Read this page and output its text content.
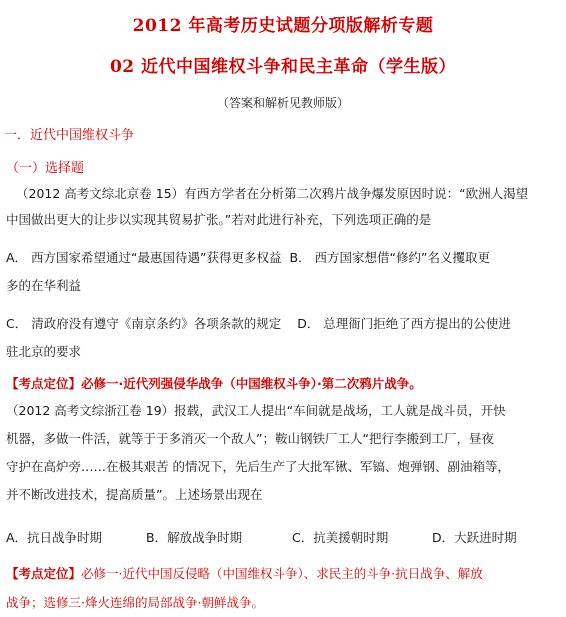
2012 年高考历史试题分项版解析专题
02 近代中国维权斗争和民主革命（学生版）
（答案和解析见教师版）
一．近代中国维权斗争
（一）选择题
（2012 高考文综北京卷 15）有西方学者在分析第二次鸦片战争爆发原因时说：“欧洲人渴望
中国做出更大的让步以实现其贸易扩张。”若对此进行补充，下列选项正确的是
A． 西方国家希望通过“最惠国待遇”获得更多权益 B． 西方国家想借“修约”名义攫取更
多的在华利益
C． 清政府没有遵守《南京条约》各项条款的规定 D． 总理衙门拒绝了西方提出的公使进
驻北京的要求
【考点定位】必修一·近代列强侵华战争（中国维权斗争）·第二次鸦片战争。
（2012 高考文综浙江卷 19）报载，武汉工人提出“车间就是战场，工人就是战斗员，开快
机器，多做一件活，就等于于多消灭一个敌人”；鞍山钢铁厂工人“把行李搬到工厂，昼夜
守护在高炉旁……在极其艰苦 的情况下，先后生产了大批军锹、军镐、炮弹钢、副油箱等，
并不断改进技术，提高质量”。上述场景出现在
A．抗日战争时期	B．解放战争时期	C．抗美援朝时期	D．大跃进时期
【考点定位】必修一·近代中国反侵略（中国维权斗争）、求民主的斗争·抗日战争、解放
战争；选修三·烽火连绵的局部战争·朝鲜战争。
